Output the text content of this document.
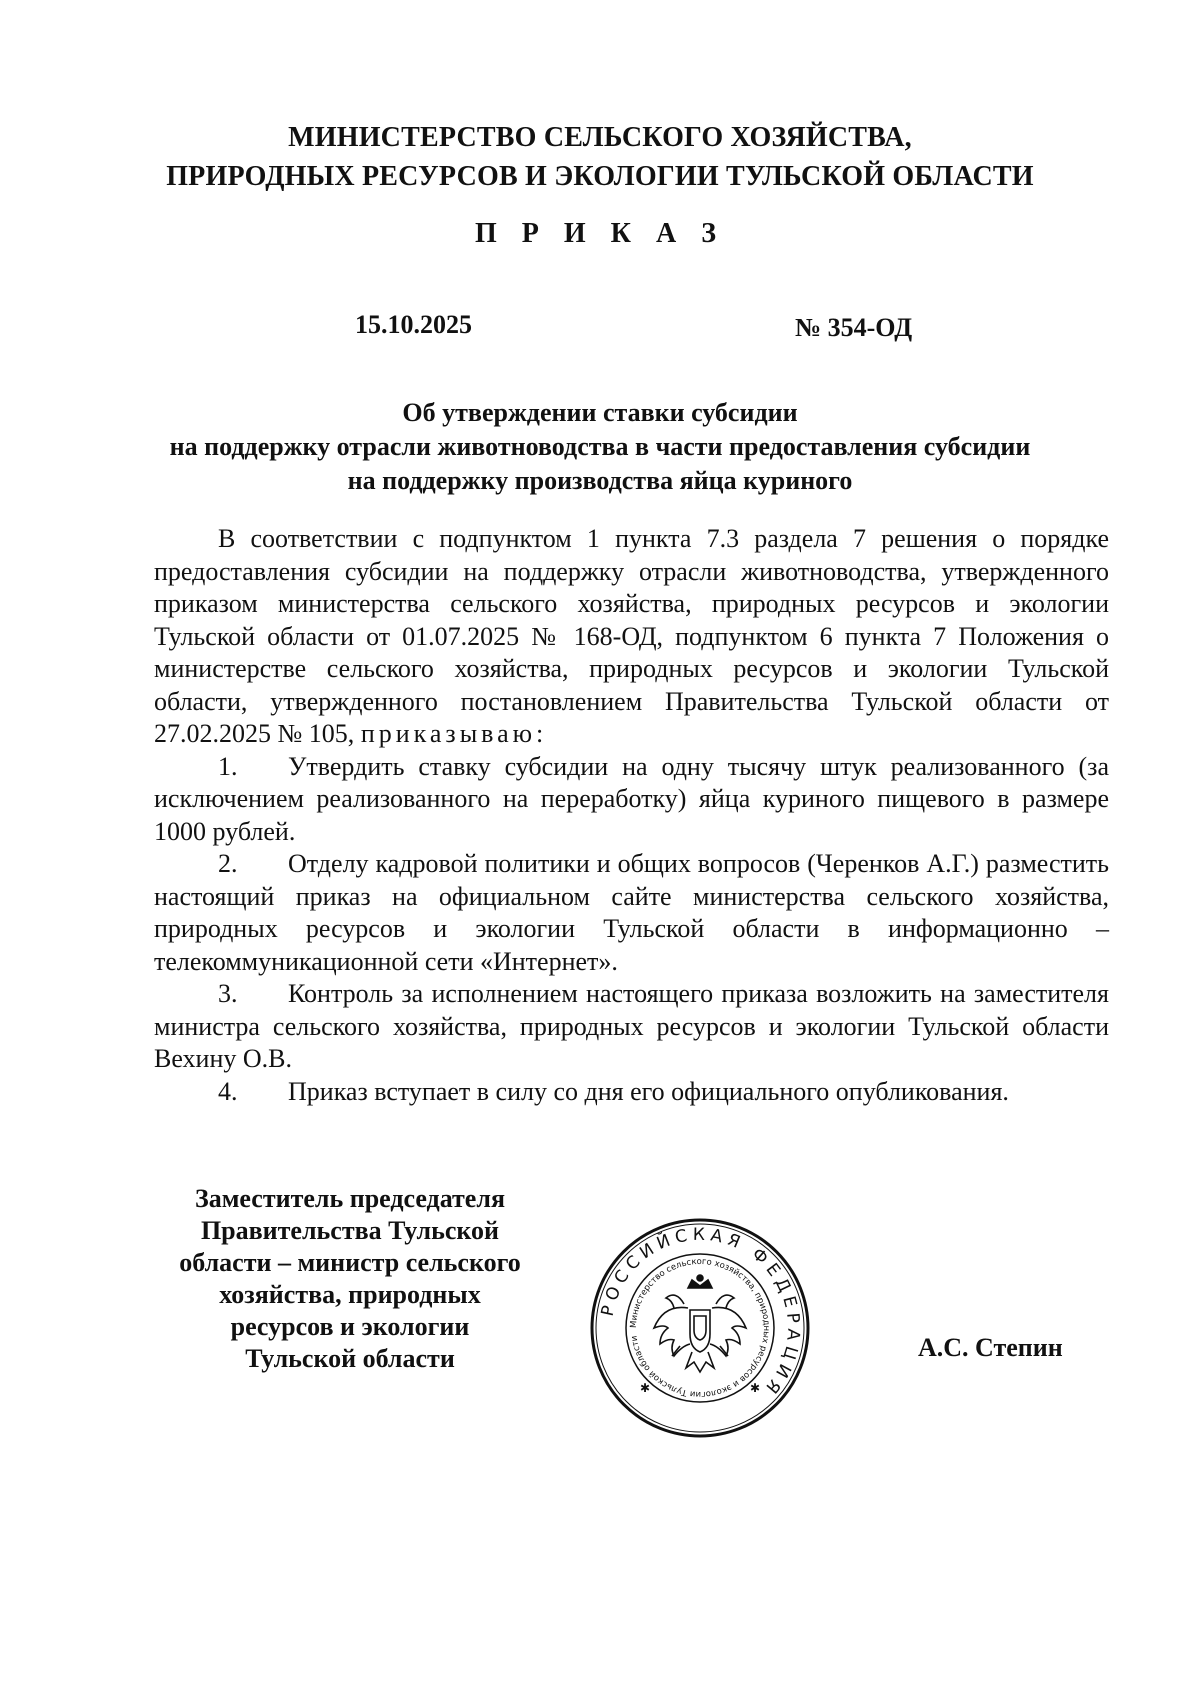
МИНИСТЕРСТВО СЕЛЬСКОГО ХОЗЯЙСТВА,
ПРИРОДНЫХ РЕСУРСОВ И ЭКОЛОГИИ ТУЛЬСКОЙ ОБЛАСТИ
П Р И К А З
15.10.2025	№ 354-ОД
Об утверждении ставки субсидии
на поддержку отрасли животноводства в части предоставления субсидии
на поддержку производства яйца куриного

В соответствии с подпунктом 1 пункта 7.3 раздела 7 решения о порядке предоставления субсидии на поддержку отрасли животноводства, утвержденного приказом министерства сельского хозяйства, природных ресурсов и экологии Тульской области от 01.07.2025 № 168-ОД, подпунктом 6 пункта 7 Положения о министерстве сельского хозяйства, природных ресурсов и экологии Тульской области, утвержденного постановлением Правительства Тульской области от 27.02.2025 № 105, приказываю:

1. Утвердить ставку субсидии на одну тысячу штук реализованного (за исключением реализованного на переработку) яйца куриного пищевого в размере 1000 рублей.

2. Отделу кадровой политики и общих вопросов (Черенков А.Г.) разместить настоящий приказ на официальном сайте министерства сельского хозяйства, природных ресурсов и экологии Тульской области в информационно – телекоммуникационной сети «Интернет».

3. Контроль за исполнением настоящего приказа возложить на заместителя министра сельского хозяйства, природных ресурсов и экологии Тульской области Вехину О.В.

4. Приказ вступает в силу со дня его официального опубликования.

Заместитель председателя
Правительства Тульской
области – министр сельского
хозяйства, природных
ресурсов и экологии
Тульской области
РОССИЙСКАЯ ФЕДЕРАЦИЯ
Министерство сельского хозяйства, природных ресурсов и экологии Тульской области
✱	✱
А.С. Степин
